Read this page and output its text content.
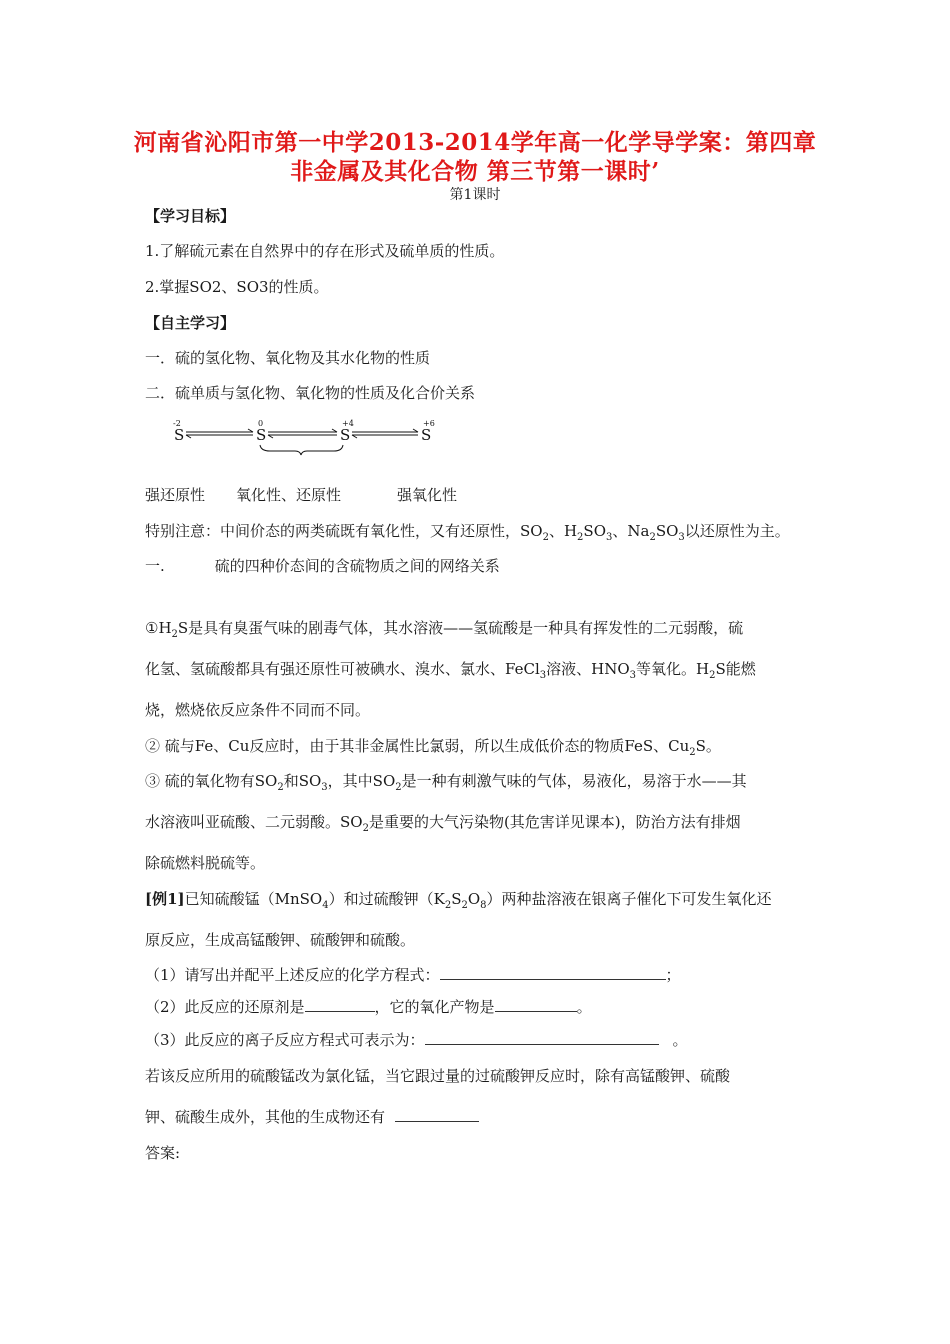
河南省沁阳市第一中学2013-2014学年高一化学导学案：第四章
非金属及其化合物 第三节第一课时’
第1课时
【学习目标】
1.了解硫元素在自然界中的存在形式及硫单质的性质。
2.掌握SO2、SO3的性质。
【自主学习】
一．硫的氢化物、氧化物及其水化物的性质
二．硫单质与氢化物、氧化物的性质及化合价关系
-2
S
0
S
+4
S
+6
S
强还原性 氧化性、还原性	强氧化性
特别注意：中间价态的两类硫既有氧化性，又有还原性，$SO_2$、$H_2SO_3$、$Na_2SO_3$以还原性为主。
一.	硫的四种价态间的含硫物质之间的网络关系
$①H_2S$是具有臭蛋气味的剧毒气体，其水溶液——氢硫酸是一种具有挥发性的二元弱酸，硫
化氢、氢硫酸都具有强还原性可被碘水、溴水、氯水、FeCl$_3$溶液、$HNO_3$等氧化。$H_2S$能燃
烧，燃烧依反应条件不同而不同。
② 硫与Fe、Cu反应时，由于其非金属性比氯弱，所以生成低价态的物质FeS、$Cu_2S$。
③ 硫的氧化物有$SO_2$和$SO_3$，其中$SO_2$是一种有刺激气味的气体，易液化，易溶于水——其
水溶液叫亚硫酸、二元弱酸。$SO_2$是重要的大气污染物(其危害详见课本)，防治方法有排烟
除硫燃料脱硫等。
[例1]已知硫酸锰（MnSO$_4$）和过硫酸钾$(K_2S_2O_8)$两种盐溶液在银离子催化下可发生氧化还
原反应，生成高锰酸钾、硫酸钾和硫酸。
（1）请写出并配平上述反应的化学方程式：	；
（2）此反应的还原剂是	，它的氧化产物是	。
（3）此反应的离子反应方程式可表示为：	。
若该反应所用的硫酸锰改为氯化锰，当它跟过量的过硫酸钾反应时，除有高锰酸钾、硫酸
钾、硫酸生成外，其他的生成物还有
答案:
